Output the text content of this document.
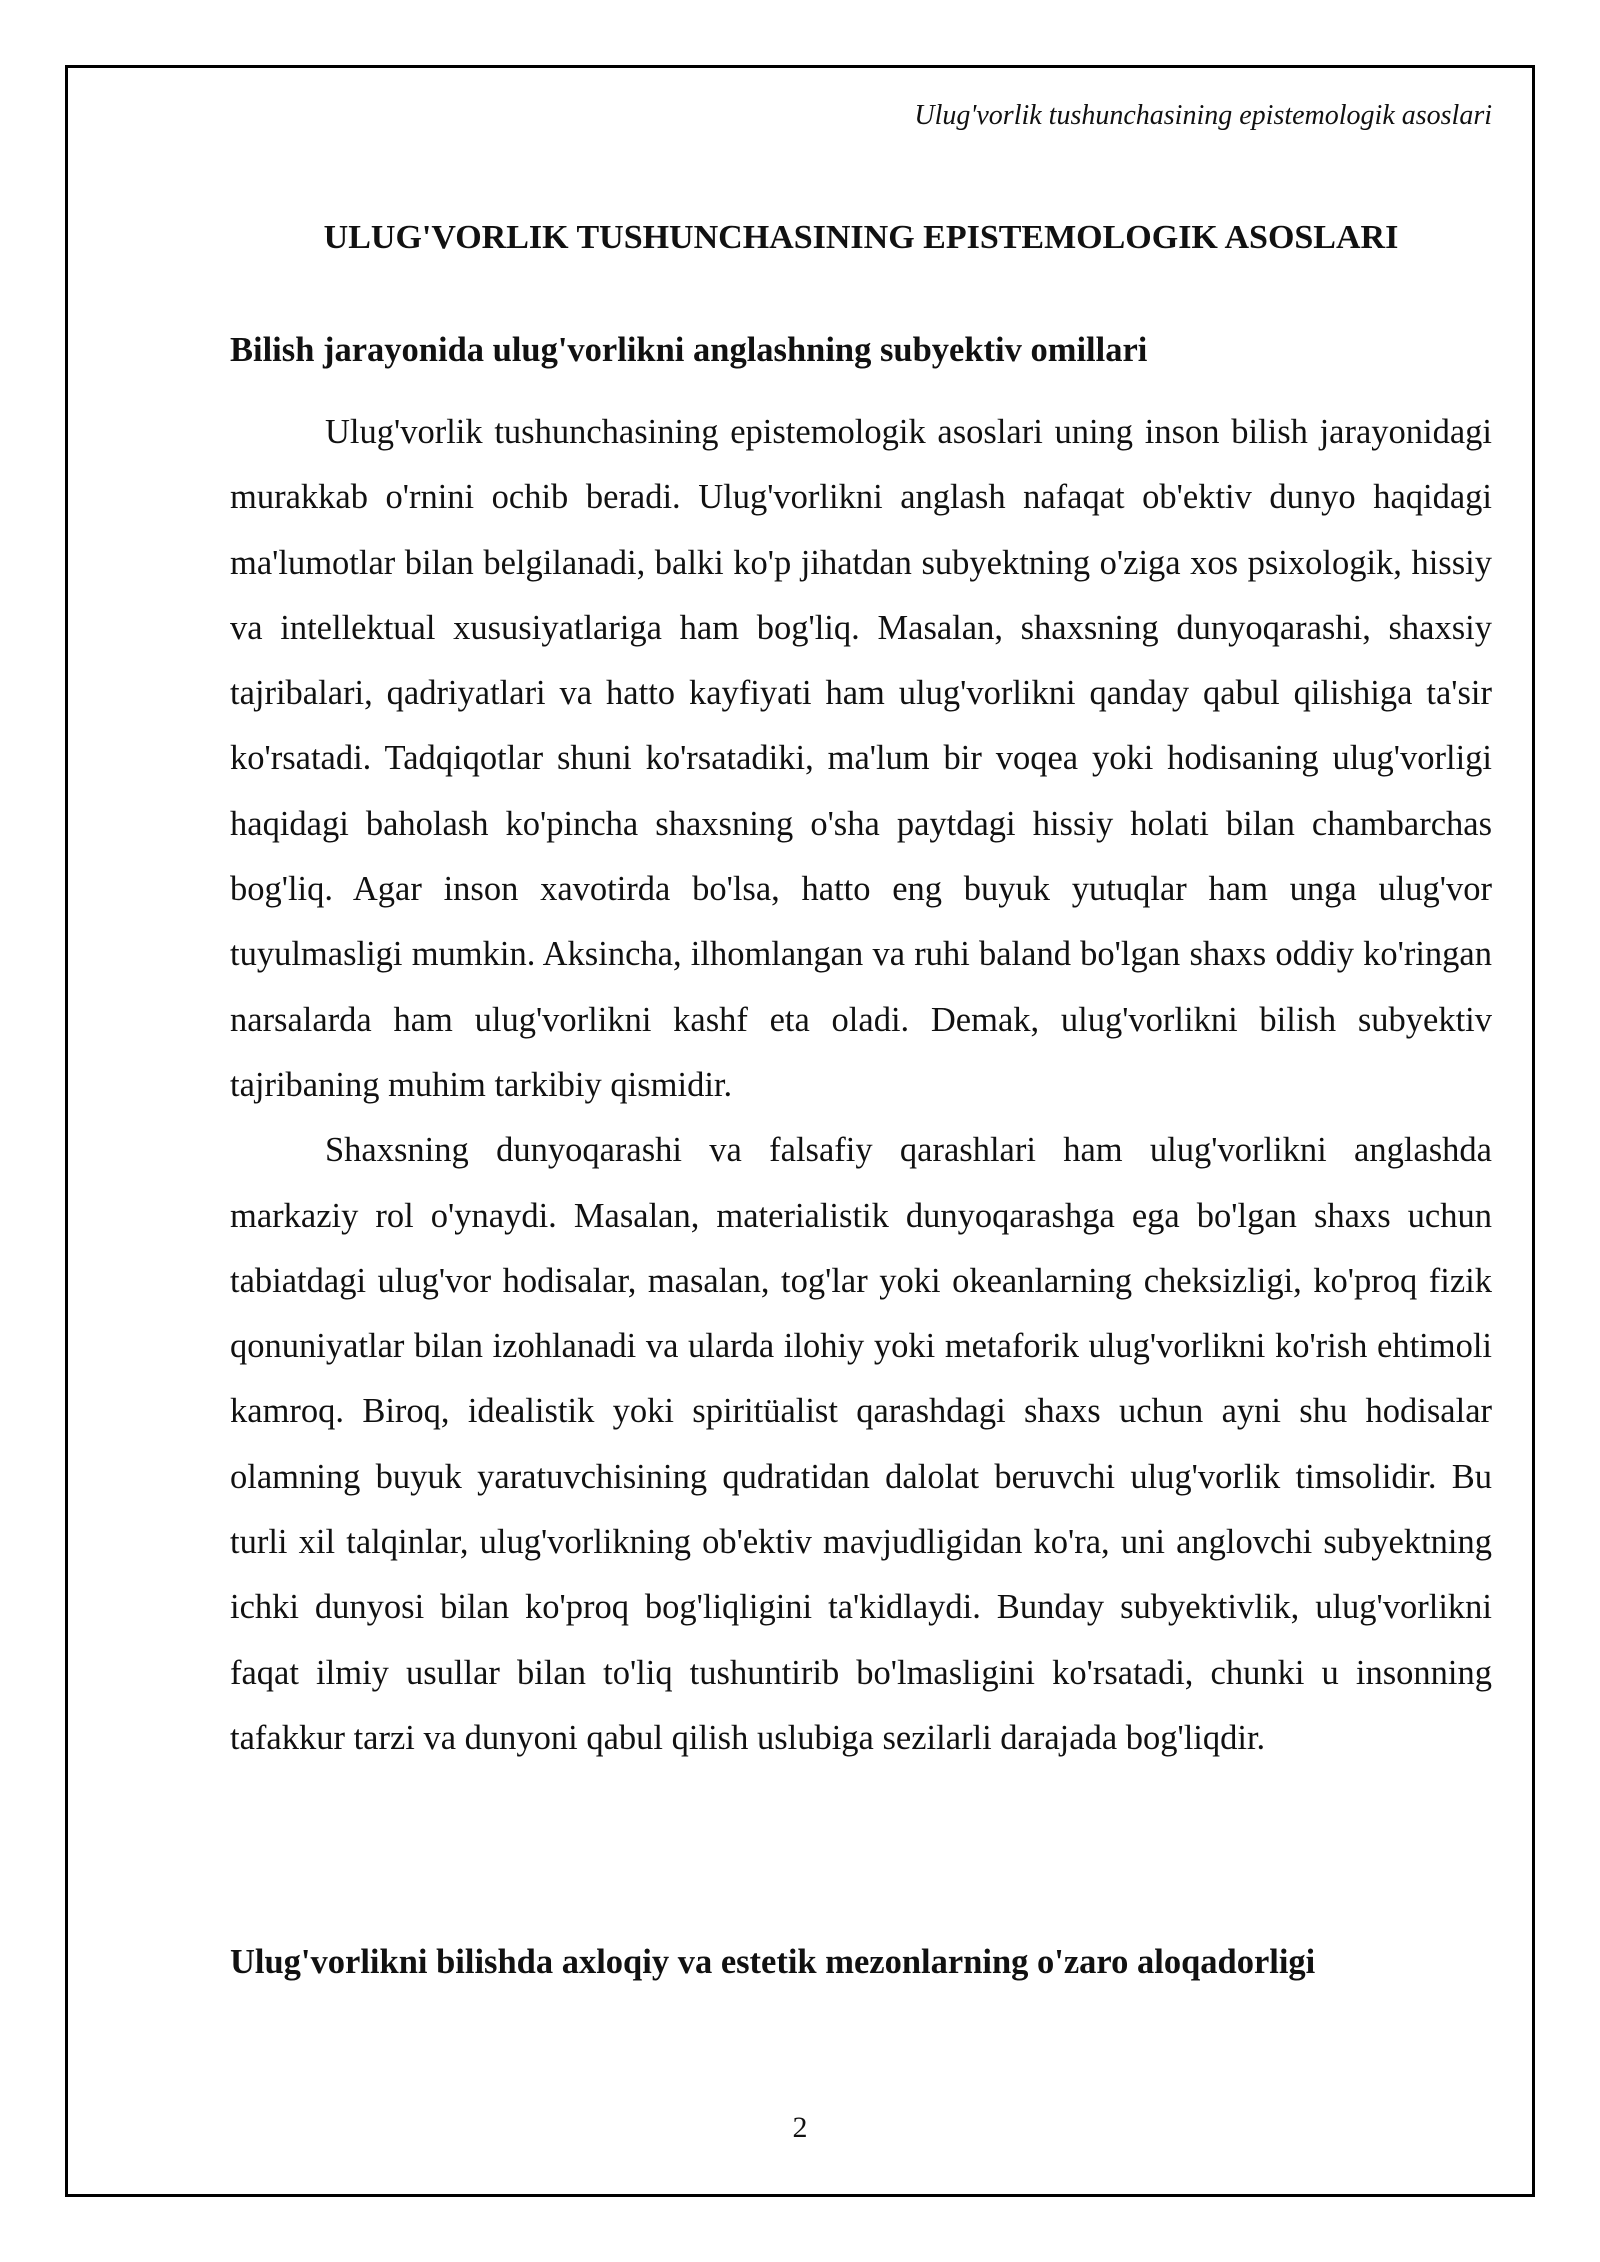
Ulug'vorlik tushunchasining epistemologik asoslari
ULUG'VORLIK TUSHUNCHASINING EPISTEMOLOGIK ASOSLARI
Bilish jarayonida ulug'vorlikni anglashning subyektiv omillari

Ulug'vorlik tushunchasining epistemologik asoslari uning inson bilish jarayonidagi murakkab o'rnini ochib beradi. Ulug'vorlikni anglash nafaqat ob'ektiv dunyo haqidagi ma'lumotlar bilan belgilanadi, balki ko'p jihatdan subyektning o'ziga xos psixologik, hissiy va intellektual xususiyatlariga ham bog'liq. Masalan, shaxsning dunyoqarashi, shaxsiy tajribalari, qadriyatlari va hatto kayfiyati ham ulug'vorlikni qanday qabul qilishiga ta'sir ko'rsatadi. Tadqiqotlar shuni ko'rsatadiki, ma'lum bir voqea yoki hodisaning ulug'vorligi haqidagi baholash ko'pincha shaxsning o'sha paytdagi hissiy holati bilan chambarchas bog'liq. Agar inson xavotirda bo'lsa, hatto eng buyuk yutuqlar ham unga ulug'vor tuyulmasligi mumkin. Aksincha, ilhomlangan va ruhi baland bo'lgan shaxs oddiy ko'ringan narsalarda ham ulug'vorlikni kashf eta oladi. Demak, ulug'vorlikni bilish subyektiv tajribaning muhim tarkibiy qismidir.

Shaxsning dunyoqarashi va falsafiy qarashlari ham ulug'vorlikni anglashda markaziy rol o'ynaydi. Masalan, materialistik dunyoqarashga ega bo'lgan shaxs uchun tabiatdagi ulug'vor hodisalar, masalan, tog'lar yoki okeanlarning cheksizligi, ko'proq fizik qonuniyatlar bilan izohlanadi va ularda ilohiy yoki metaforik ulug'vorlikni ko'rish ehtimoli kamroq. Biroq, idealistik yoki spiritüalist qarashdagi shaxs uchun ayni shu hodisalar olamning buyuk yaratuvchisining qudratidan dalolat beruvchi ulug'vorlik timsolidir. Bu turli xil talqinlar, ulug'vorlikning ob'ektiv mavjudligidan ko'ra, uni anglovchi subyektning ichki dunyosi bilan ko'proq bog'liqligini ta'kidlaydi. Bunday subyektivlik, ulug'vorlikni faqat ilmiy usullar bilan to'liq tushuntirib bo'lmasligini ko'rsatadi, chunki u insonning tafakkur tarzi va dunyoni qabul qilish uslubiga sezilarli darajada bog'liqdir.

Ulug'vorlikni bilishda axloqiy va estetik mezonlarning o'zaro aloqadorligi
2
